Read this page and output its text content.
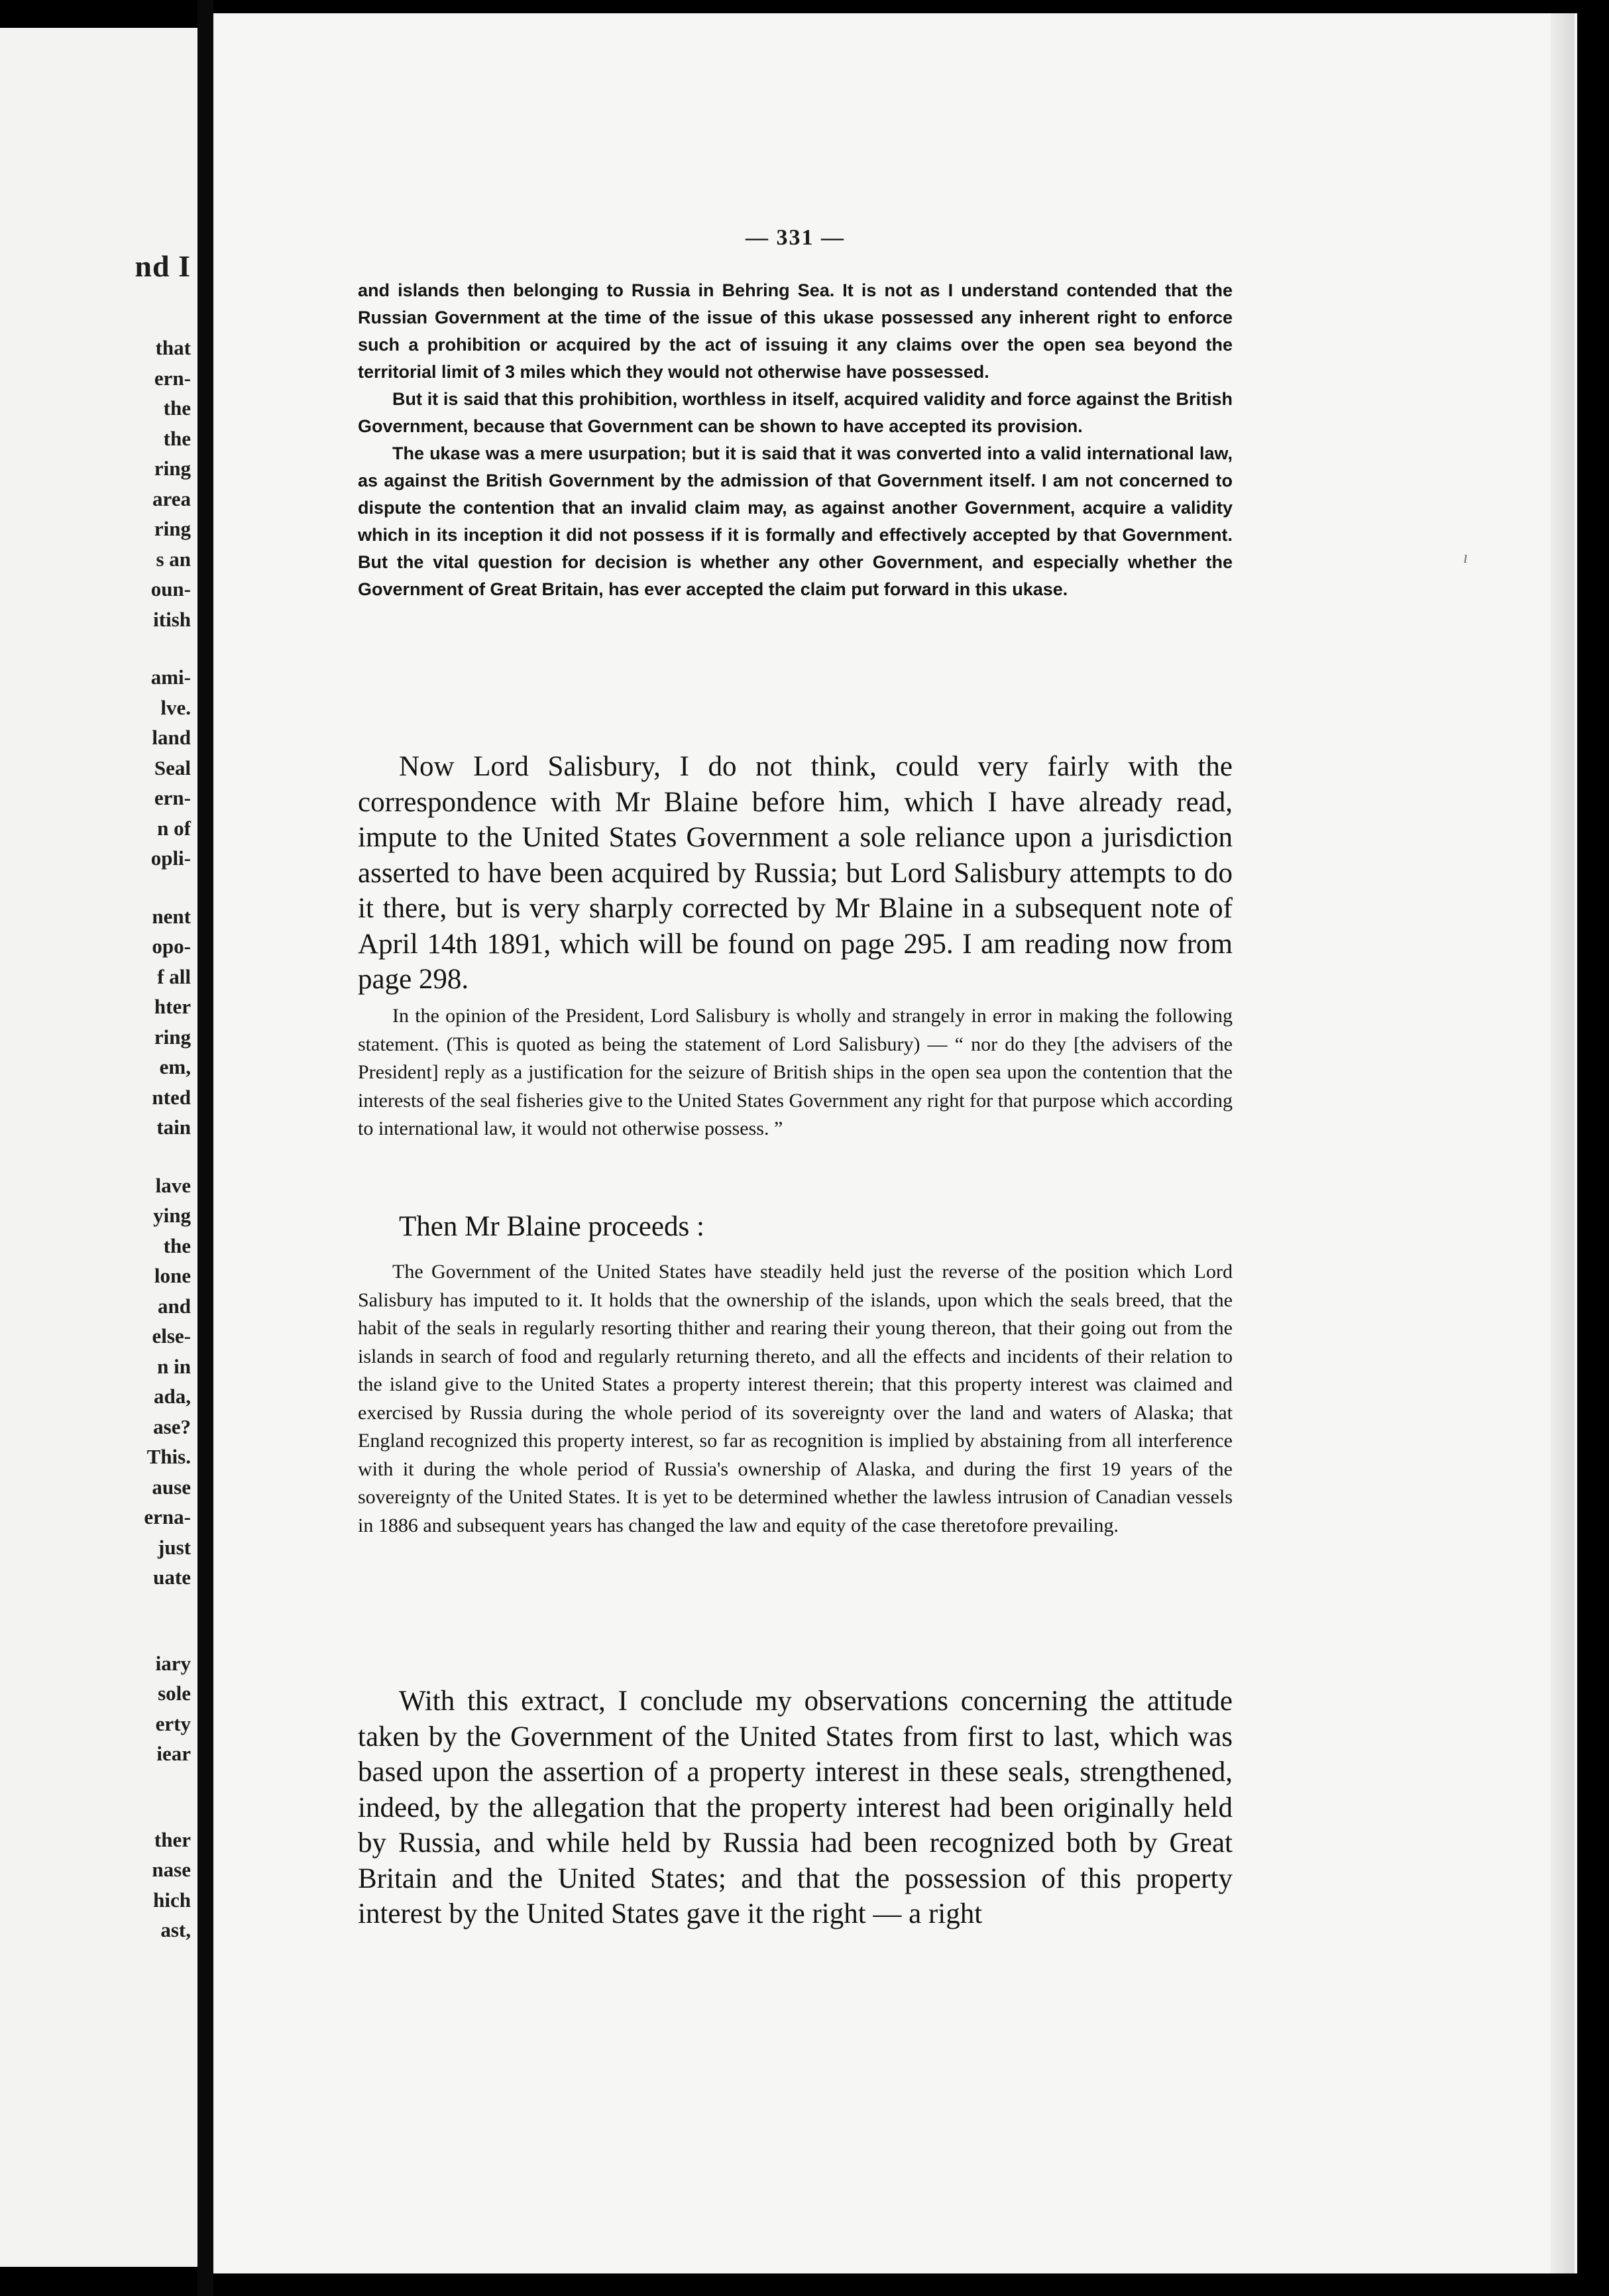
nd I
that
ern-
the
the
ring
area
ring
s an
oun-
itish
ami-
lve.
land
Seal
ern-
n of
opli-
nent
opo-
f all
hter
ring
em,
nted
tain
lave
ying
the
lone
and
else-
n in
ada,
ase?
This.
ause
erna-
just
uate
iary
sole
erty
iear
ther
nase
hich
ast,
ı
— 331 —

and islands then belonging to Russia in Behring Sea. It is not as I understand contended that the Russian Government at the time of the issue of this ukase possessed any inherent right to enforce such a prohibition or acquired by the act of issuing it any claims over the open sea beyond the territorial limit of 3 miles which they would not otherwise have possessed.

But it is said that this prohibition, worthless in itself, acquired validity and force against the British Government, because that Government can be shown to have accepted its provision.

The ukase was a mere usurpation; but it is said that it was converted into a valid international law, as against the British Government by the admission of that Government itself. I am not concerned to dispute the contention that an invalid claim may, as against another Government, acquire a validity which in its inception it did not possess if it is formally and effectively accepted by that Government. But the vital question for decision is whether any other Government, and especially whether the Government of Great Britain, has ever accepted the claim put forward in this ukase.

Now Lord Salisbury, I do not think, could very fairly with the correspondence with Mr Blaine before him, which I have already read, impute to the United States Government a sole reliance upon a jurisdiction asserted to have been acquired by Russia; but Lord Salisbury attempts to do it there, but is very sharply corrected by Mr Blaine in a subsequent note of April 14th 1891, which will be found on page 295. I am reading now from page 298.

In the opinion of the President, Lord Salisbury is wholly and strangely in error in making the following statement. (This is quoted as being the statement of Lord Salisbury) — “ nor do they [the advisers of the President] reply as a justification for the seizure of British ships in the open sea upon the contention that the interests of the seal fisheries give to the United States Government any right for that purpose which according to international law, it would not otherwise possess. ”

Then Mr Blaine proceeds :

The Government of the United States have steadily held just the reverse of the position which Lord Salisbury has imputed to it. It holds that the ownership of the islands, upon which the seals breed, that the habit of the seals in regularly resorting thither and rearing their young thereon, that their going out from the islands in search of food and regularly returning thereto, and all the effects and incidents of their relation to the island give to the United States a property interest therein; that this property interest was claimed and exercised by Russia during the whole period of its sovereignty over the land and waters of Alaska; that England recognized this property interest, so far as recognition is implied by abstaining from all interference with it during the whole period of Russia's ownership of Alaska, and during the first 19 years of the sovereignty of the United States. It is yet to be determined whether the lawless intrusion of Canadian vessels in 1886 and subsequent years has changed the law and equity of the case theretofore prevailing.

With this extract, I conclude my observations concerning the attitude taken by the Government of the United States from first to last, which was based upon the assertion of a property interest in these seals, strengthened, indeed, by the allegation that the property interest had been originally held by Russia, and while held by Russia had been recognized both by Great Britain and the United States; and that the possession of this property interest by the United States gave it the right — a right
